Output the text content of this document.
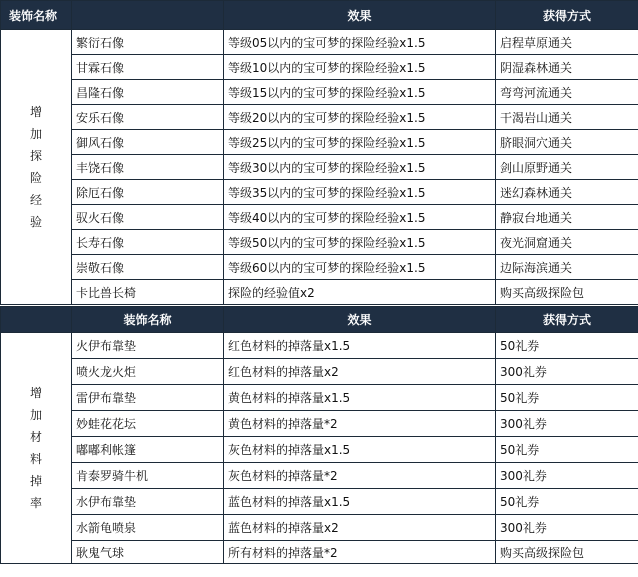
装饰名称		效果	获得方式

增加探险经验	繁衍石像	等级05以内的宝可梦的探险经验x1.5	启程草原通关
	甘霖石像	等级10以内的宝可梦的探险经验x1.5	阴湿森林通关
	昌隆石像	等级15以内的宝可梦的探险经验x1.5	弯弯河流通关
	安乐石像	等级20以内的宝可梦的探险经验x1.5	干渴岩山通关
	御风石像	等级25以内的宝可梦的探险经验x1.5	脐眼洞穴通关
	丰饶石像	等级30以内的宝可梦的探险经验x1.5	剑山原野通关
	除厄石像	等级35以内的宝可梦的探险经验x1.5	迷幻森林通关
	驭火石像	等级40以内的宝可梦的探险经验x1.5	静寂台地通关
	长寿石像	等级50以内的宝可梦的探险经验x1.5	夜光洞窟通关
	崇敬石像	等级60以内的宝可梦的探险经验x1.5	边际海滨通关
	卡比兽长椅	探险的经验值x2	购买高级探险包
	装饰名称	效果	获得方式

增加材料掉率	火伊布靠垫	红色材料的掉落量x1.5	50礼券
	喷火龙火炬	红色材料的掉落量x2	300礼券
	雷伊布靠垫	黄色材料的掉落量x1.5	50礼券
	妙蛙花花坛	黄色材料的掉落量*2	300礼券
	嘟嘟利帐篷	灰色材料的掉落量x1.5	50礼券
	肯泰罗骑牛机	灰色材料的掉落量*2	300礼券
	水伊布靠垫	蓝色材料的掉落量x1.5	50礼券
	水箭龟喷泉	蓝色材料的掉落量x2	300礼券
	耿鬼气球	所有材料的掉落量*2	购买高级探险包
